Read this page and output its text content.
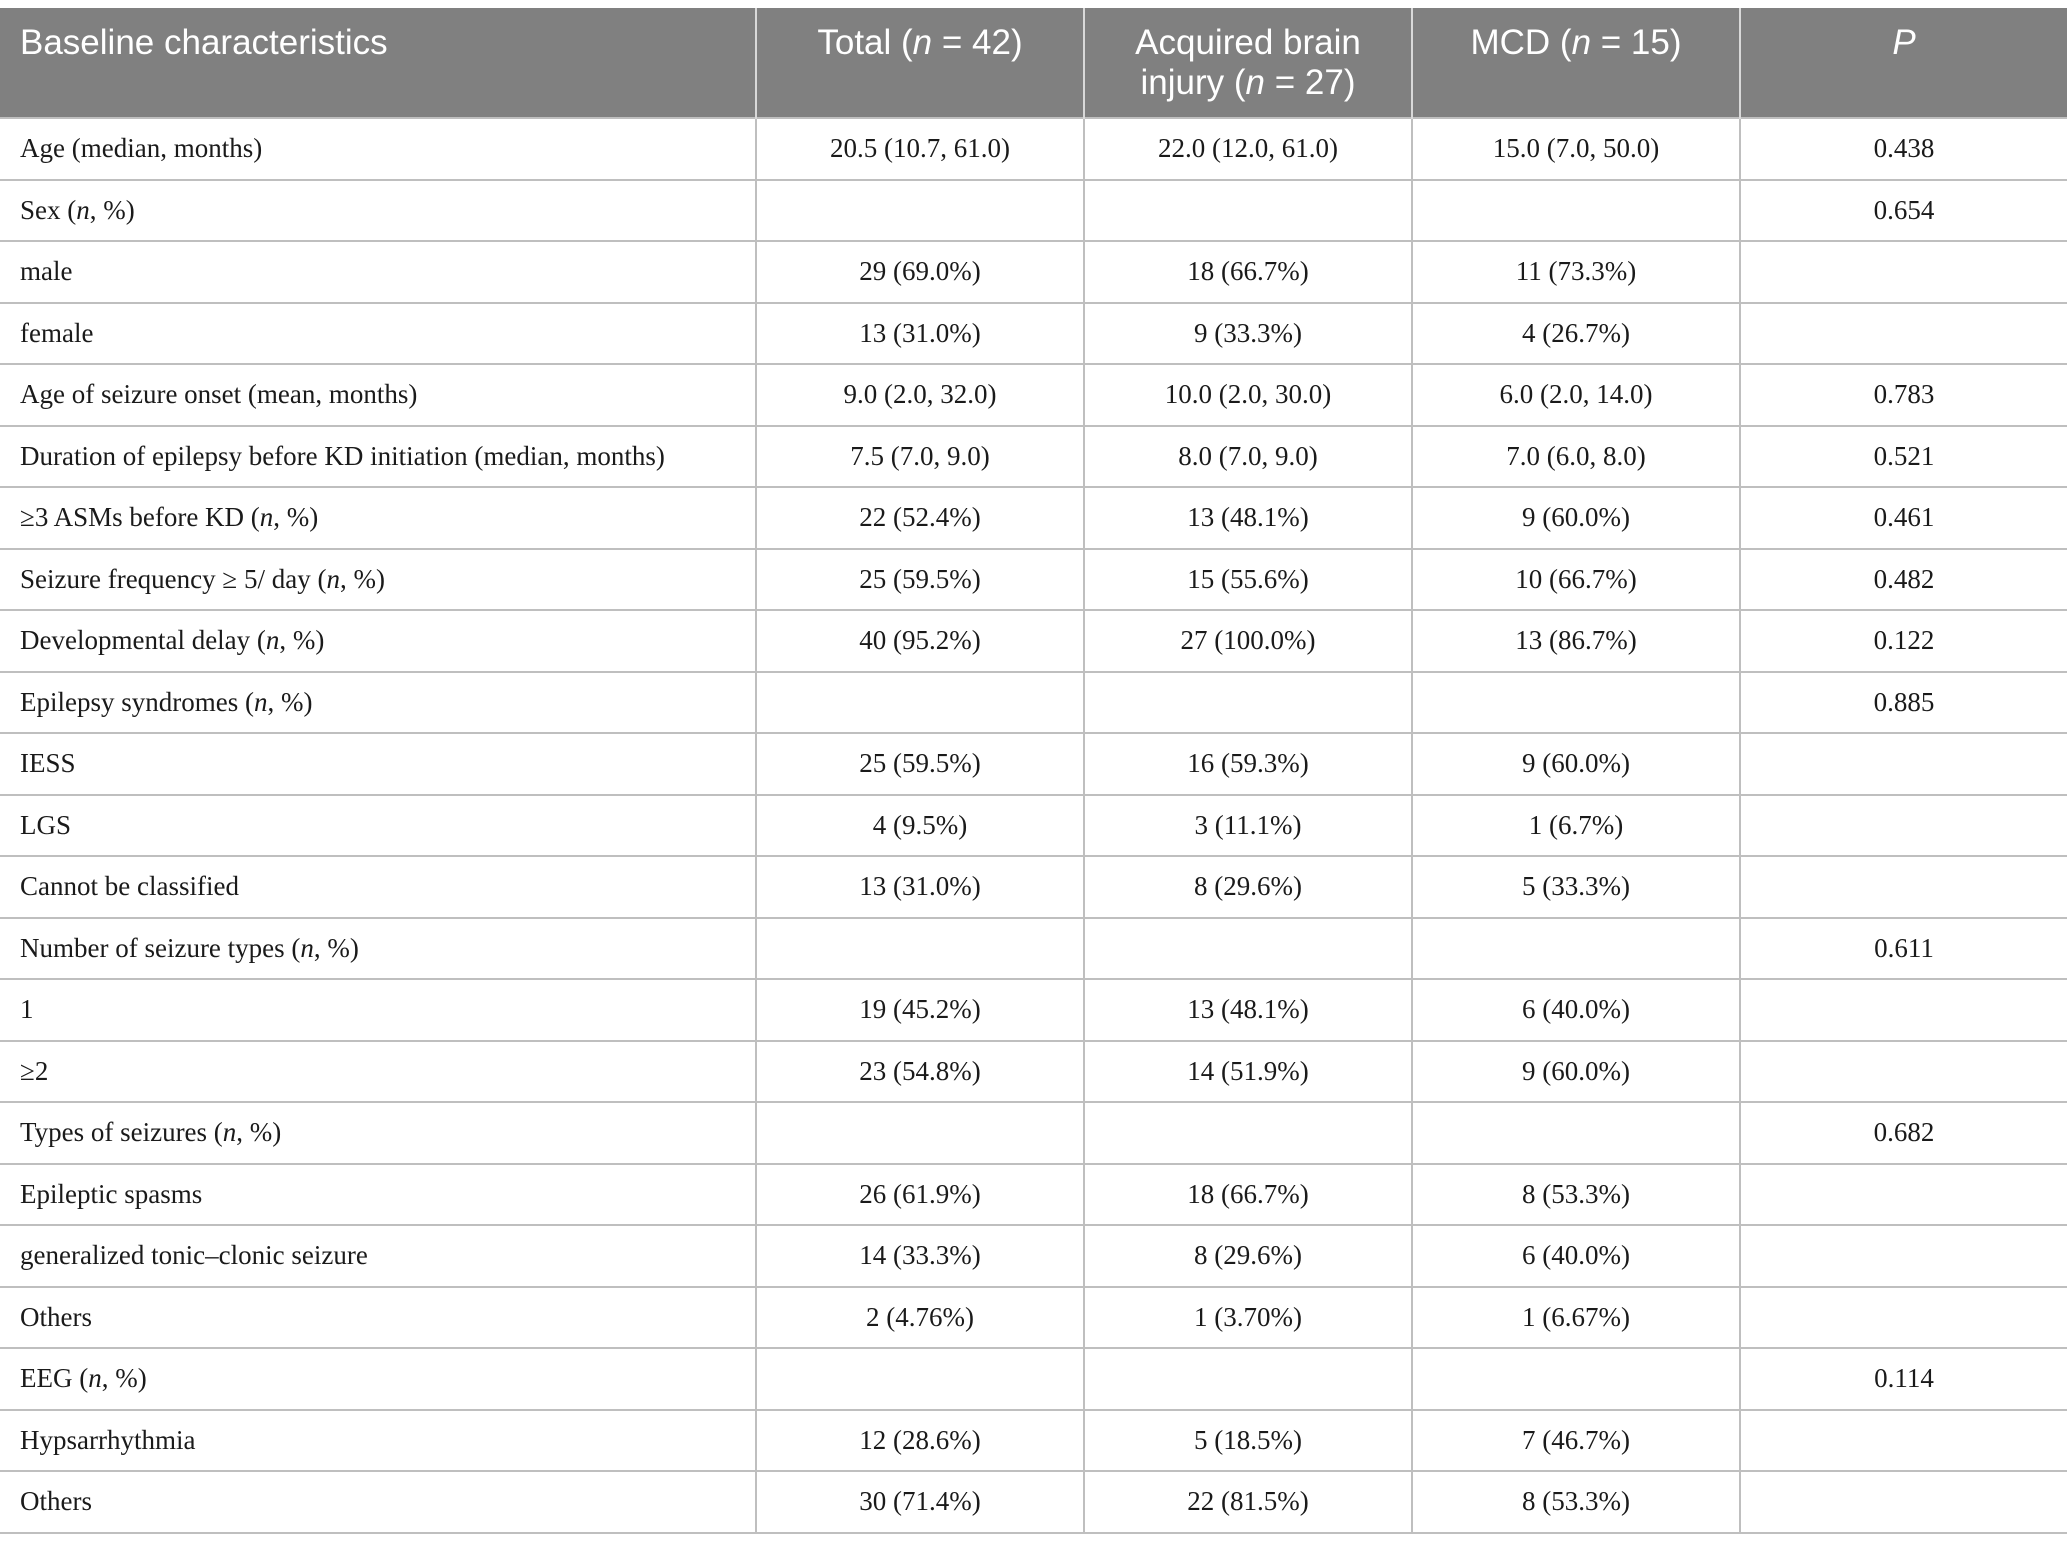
Baseline characteristics	Total (n = 42)	Acquired brain injury (n = 27)	MCD (n = 15)	P
Age (median, months)	20.5 (10.7, 61.0)	22.0 (12.0, 61.0)	15.0 (7.0, 50.0)	0.438
Sex (n, %)				0.654
male	29 (69.0%)	18 (66.7%)	11 (73.3%)	
female	13 (31.0%)	9 (33.3%)	4 (26.7%)	
Age of seizure onset (mean, months)	9.0 (2.0, 32.0)	10.0 (2.0, 30.0)	6.0 (2.0, 14.0)	0.783
Duration of epilepsy before KD initiation (median, months)	7.5 (7.0, 9.0)	8.0 (7.0, 9.0)	7.0 (6.0, 8.0)	0.521
≥3 ASMs before KD (n, %)	22 (52.4%)	13 (48.1%)	9 (60.0%)	0.461
Seizure frequency ≥ 5/ day (n, %)	25 (59.5%)	15 (55.6%)	10 (66.7%)	0.482
Developmental delay (n, %)	40 (95.2%)	27 (100.0%)	13 (86.7%)	0.122
Epilepsy syndromes (n, %)				0.885
IESS	25 (59.5%)	16 (59.3%)	9 (60.0%)	
LGS	4 (9.5%)	3 (11.1%)	1 (6.7%)	
Cannot be classified	13 (31.0%)	8 (29.6%)	5 (33.3%)	
Number of seizure types (n, %)				0.611
1	19 (45.2%)	13 (48.1%)	6 (40.0%)	
≥2	23 (54.8%)	14 (51.9%)	9 (60.0%)	
Types of seizures (n, %)				0.682
Epileptic spasms	26 (61.9%)	18 (66.7%)	8 (53.3%)	
generalized tonic–clonic seizure	14 (33.3%)	8 (29.6%)	6 (40.0%)	
Others	2 (4.76%)	1 (3.70%)	1 (6.67%)	
EEG (n, %)				0.114
Hypsarrhythmia	12 (28.6%)	5 (18.5%)	7 (46.7%)	
Others	30 (71.4%)	22 (81.5%)	8 (53.3%)	
